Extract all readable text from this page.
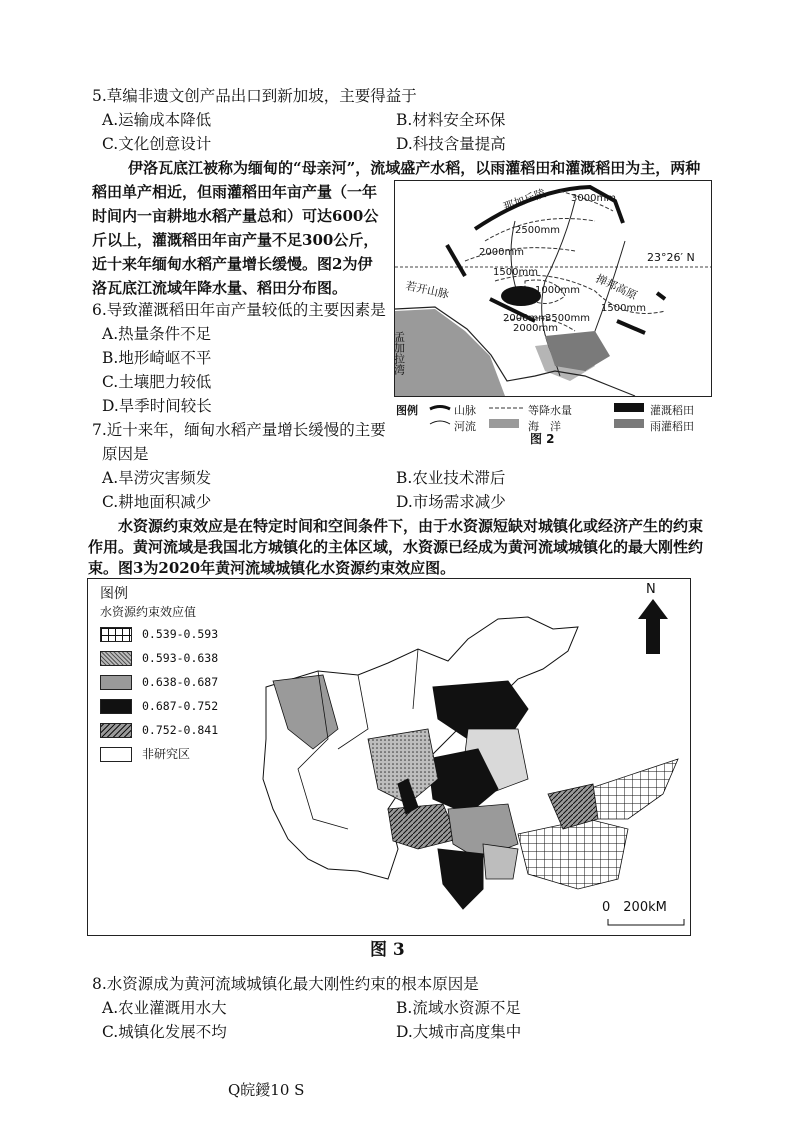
5.草编非遗文创产品出口到新加坡，主要得益于
A.运输成本降低	B.材料安全环保
C.文化创意设计	D.科技含量提高
伊洛瓦底江被称为缅甸的“母亲河”，流域盛产水稻，以雨灌稻田和灌溉稻田为主，两种
稻田单产相近，但雨灌稻田年亩产量（一年
时间内一亩耕地水稻产量总和）可达600公
斤以上，灌溉稻田年亩产量不足300公斤，
近十来年缅甸水稻产量增长缓慢。图2为伊
洛瓦底江流域年降水量、稻田分布图。
3000mm
2500mm
2000mm
1500mm
1000mm
2000mm
3500mm
1500mm
2000mm
23°26′ N
那加丘陵
掸邦高原
若开山脉
孟加拉湾
图例	山脉	等降水量	灌溉稻田
河流	海　洋	雨灌稻田
图 2
6.导致灌溉稻田年亩产量较低的主要因素是
A.热量条件不足
B.地形崎岖不平
C.土壤肥力较低
D.旱季时间较长
7.近十来年，缅甸水稻产量增长缓慢的主要
原因是
A.旱涝灾害频发	B.农业技术滞后
C.耕地面积减少	D.市场需求减少
水资源约束效应是在特定时间和空间条件下，由于水资源短缺对城镇化或经济产生的约束
作用。黄河流域是我国北方城镇化的主体区域，水资源已经成为黄河流域城镇化的最大刚性约
束。图3为2020年黄河流域城镇化水资源约束效应图。
N
0　200kM
图例
水资源约束效应值
0.539-0.593
0.593-0.638
0.638-0.687
0.687-0.752
0.752-0.841
非研究区
图 3
8.水资源成为黄河流域城镇化最大刚性约束的根本原因是
A.农业灌溉用水大	B.流域水资源不足
C.城镇化发展不均	D.大城市高度集中
Q皖鑀10 S
